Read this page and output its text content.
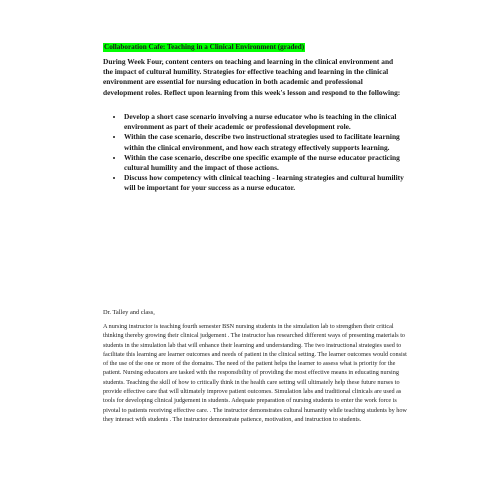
Collaboration Cafe: Teaching in a Clinical Environment (graded)

During Week Four, content centers on teaching and learning in the clinical environment and the impact of cultural humility. Strategies for effective teaching and learning in the clinical environment are essential for nursing education in both academic and professional development roles. Reflect upon learning from this week's lesson and respond to the following:

• Develop a short case scenario involving a nurse educator who is teaching in the clinical environment as part of their academic or professional development role.
• Within the case scenario, describe two instructional strategies used to facilitate learning within the clinical environment, and how each strategy effectively supports learning.
• Within the case scenario, describe one specific example of the nurse educator practicing cultural humility and the impact of those actions.
• Discuss how competency with clinical teaching - learning strategies and cultural humility will be important for your success as a nurse educator.

Dr. Talley and class,

A nursing instructor is teaching fourth semester BSN nursing students in the simulation lab to strengthen their critical thinking thereby growing their clinical judgement . The instructor has researched different ways of presenting materials to students in the simulation lab that will enhance their learning and understanding. The two instructional strategies used to facilitate this learning are learner outcomes and needs of patient in the clinical setting. The learner outcomes would consist of the use of the one or more of the domains. The need of the patient helps the learner to assess what is priority for the patient. Nursing educators are tasked with the responsibility of providing the most effective means in educating nursing students. Teaching the skill of how to critically think in the health care setting will ultimately help these future nurses to provide effective care that will ultimately improve patient outcomes. Simulation labs and traditional clinicals are used as tools for developing clinical judgement in students. Adequate preparation of nursing students to enter the work force is pivotal to patients receiving effective care. . The instructor demonstrates cultural humanity while teaching students by how they interact with students . The instructor demonstrate patience, motivation, and instruction to students.
